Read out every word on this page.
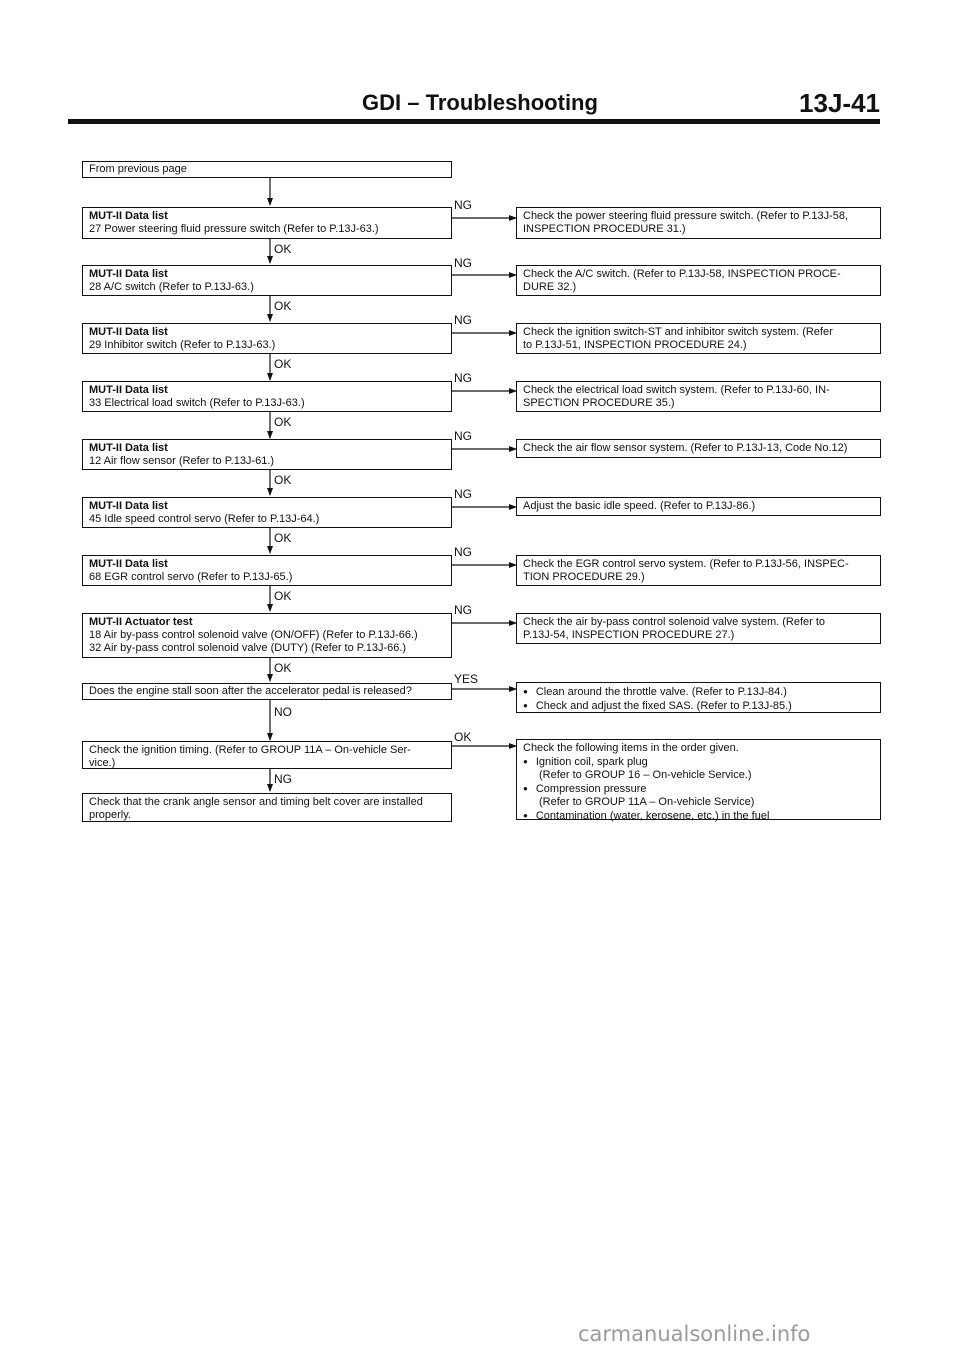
GDI – Troubleshooting	13J-41
From previous page
MUT-II Data list
27 Power steering fluid pressure switch (Refer to P.13J-63.)
NG
Check the power steering fluid pressure switch. (Refer to P.13J-58,
INSPECTION PROCEDURE 31.)
OK
MUT-II Data list
28 A/C switch (Refer to P.13J-63.)
NG
Check the A/C switch. (Refer to P.13J-58, INSPECTION PROCE-
DURE 32.)
OK
MUT-II Data list
29 Inhibitor switch (Refer to P.13J-63.)
NG
Check the ignition switch-ST and inhibitor switch system. (Refer
to P.13J-51, INSPECTION PROCEDURE 24.)
OK
MUT-II Data list
33 Electrical load switch (Refer to P.13J-63.)
NG
Check the electrical load switch system. (Refer to P.13J-60, IN-
SPECTION PROCEDURE 35.)
OK
MUT-II Data list
12 Air flow sensor (Refer to P.13J-61.)
NG
Check the air flow sensor system. (Refer to P.13J-13, Code No.12)
OK
MUT-II Data list
45 Idle speed control servo (Refer to P.13J-64.)
NG
Adjust the basic idle speed. (Refer to P.13J-86.)
OK
MUT-II Data list
68 EGR control servo (Refer to P.13J-65.)
NG
Check the EGR control servo system. (Refer to P.13J-56, INSPEC-
TION PROCEDURE 29.)
OK
MUT-II Actuator test
18 Air by-pass control solenoid valve (ON/OFF) (Refer to P.13J-66.)
32 Air by-pass control solenoid valve (DUTY) (Refer to P.13J-66.)
NG
Check the air by-pass control solenoid valve system. (Refer to
P.13J-54, INSPECTION PROCEDURE 27.)
OK
Does the engine stall soon after the accelerator pedal is released?
YES
● Clean around the throttle valve. (Refer to P.13J-84.)
● Check and adjust the fixed SAS. (Refer to P.13J-85.)
NO
Check the ignition timing. (Refer to GROUP 11A – On-vehicle Ser-
vice.)
OK
Check the following items in the order given.
● Ignition coil, spark plug
(Refer to GROUP 16 – On-vehicle Service.)
● Compression pressure
(Refer to GROUP 11A – On-vehicle Service)
● Contamination (water, kerosene, etc.) in the fuel
NG
Check that the crank angle sensor and timing belt cover are installed
properly.
carmanualsonline.info
